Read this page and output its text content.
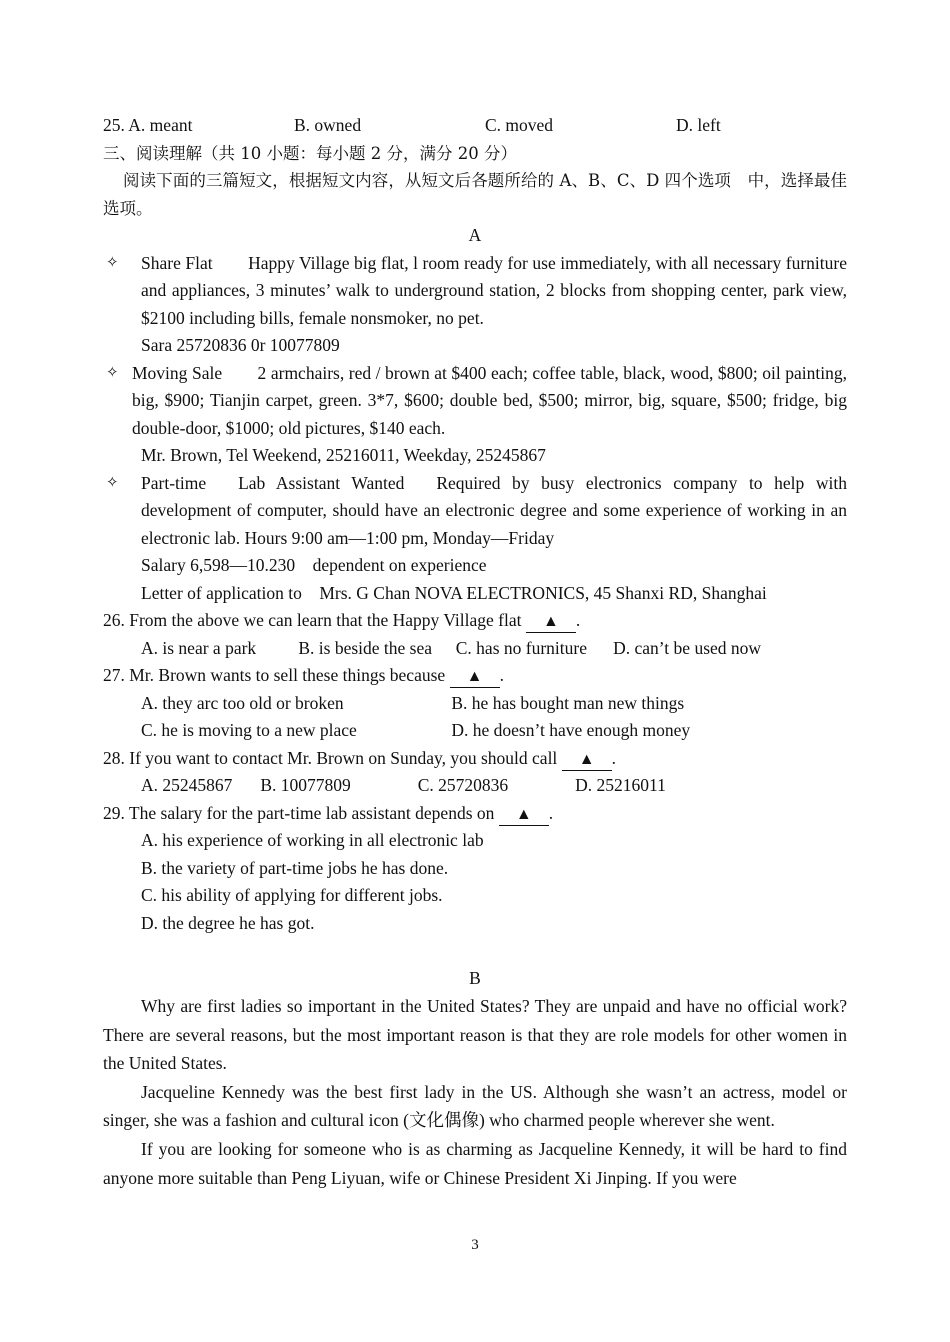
25. A. meant	B. owned	C. moved	D. left
三、阅读理解（共 10 小题：每小题 2 分，满分 20 分）
阅读下面的三篇短文，根据短文内容，从短文后各题所给的 A、B、C、D 四个选项　中，选择最佳选项。
A
✧ Share Flat　　Happy Village big flat, l room ready for use immediately, with all necessary furniture and appliances, 3 minutes’ walk to underground station, 2 blocks from shopping center, park view, $2100 including bills, female nonsmoker, no pet.

Sara 25720836 0r 10077809

✧ Moving Sale　　2 armchairs, red / brown at $400 each; coffee table, black, wood, $800; oil painting, big, $900; Tianjin carpet, green. 3*7, $600; double bed, $500; mirror, big, square, $500; fridge, big double-door, $1000; old pictures, $140 each.

Mr. Brown, Tel Weekend, 25216011, Weekday, 25245867

✧ Part-time　Lab Assistant Wanted　Required by busy electronics company to help with development of computer, should have an electronic degree and some experience of working in an electronic lab. Hours 9:00 am—1:00 pm, Monday—Friday

Salary 6,598—10.230　dependent on experience

Letter of application to　Mrs. G Chan NOVA ELECTRONICS, 45 Shanxi RD, Shanghai

26. From the above we can learn that the Happy Village flat ▲ .
A. is near a park B. is beside the sea C. has no furniture D. can’t be used now
27. Mr. Brown wants to sell these things because ▲ .
A. they arc too old or broken	B. he has bought man new things
C. he is moving to a new place	D. he doesn’t have enough money
28. If you want to contact Mr. Brown on Sunday, you should call ▲ .
A. 25245867 B. 10077809	C. 25720836	D. 25216011
29. The salary for the part-time lab assistant depends on ▲ .
A. his experience of working in all electronic lab
B. the variety of part-time jobs he has done.
C. his ability of applying for different jobs.
D. the degree he has got.
B

Why are first ladies so important in the United States? They are unpaid and have no official work? There are several reasons, but the most important reason is that they are role models for other women in the United States.

Jacqueline Kennedy was the best first lady in the US. Although she wasn’t an actress, model or singer, she was a fashion and cultural icon (文化偶像) who charmed people wherever she went.

If you are looking for someone who is as charming as Jacqueline Kennedy, it will be hard to find anyone more suitable than Peng Liyuan, wife or Chinese President Xi Jinping. If you were

3
